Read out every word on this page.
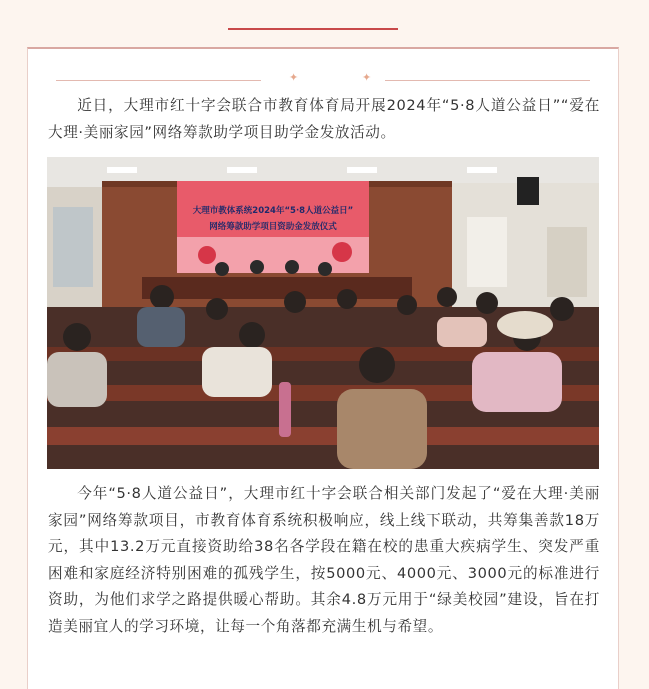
✦	✦

近日，大理市红十字会联合市教育体育局开展2024年“5·8人道公益日”“爱在大理·美丽家园”网络筹款助学项目助学金发放活动。

大理市教体系统2024年“5·8人道公益日”
网络筹款助学项目资助金发放仪式

今年“5·8人道公益日”，大理市红十字会联合相关部门发起了“爱在大理·美丽家园”网络筹款项目，市教育体育系统积极响应，线上线下联动，共筹集善款18万元，其中13.2万元直接资助给38名各学段在籍在校的患重大疾病学生、突发严重困难和家庭经济特别困难的孤残学生，按5000元、4000元、3000元的标准进行资助，为他们求学之路提供暖心帮助。其余4.8万元用于“绿美校园”建设，旨在打造美丽宜人的学习环境，让每一个角落都充满生机与希望。
